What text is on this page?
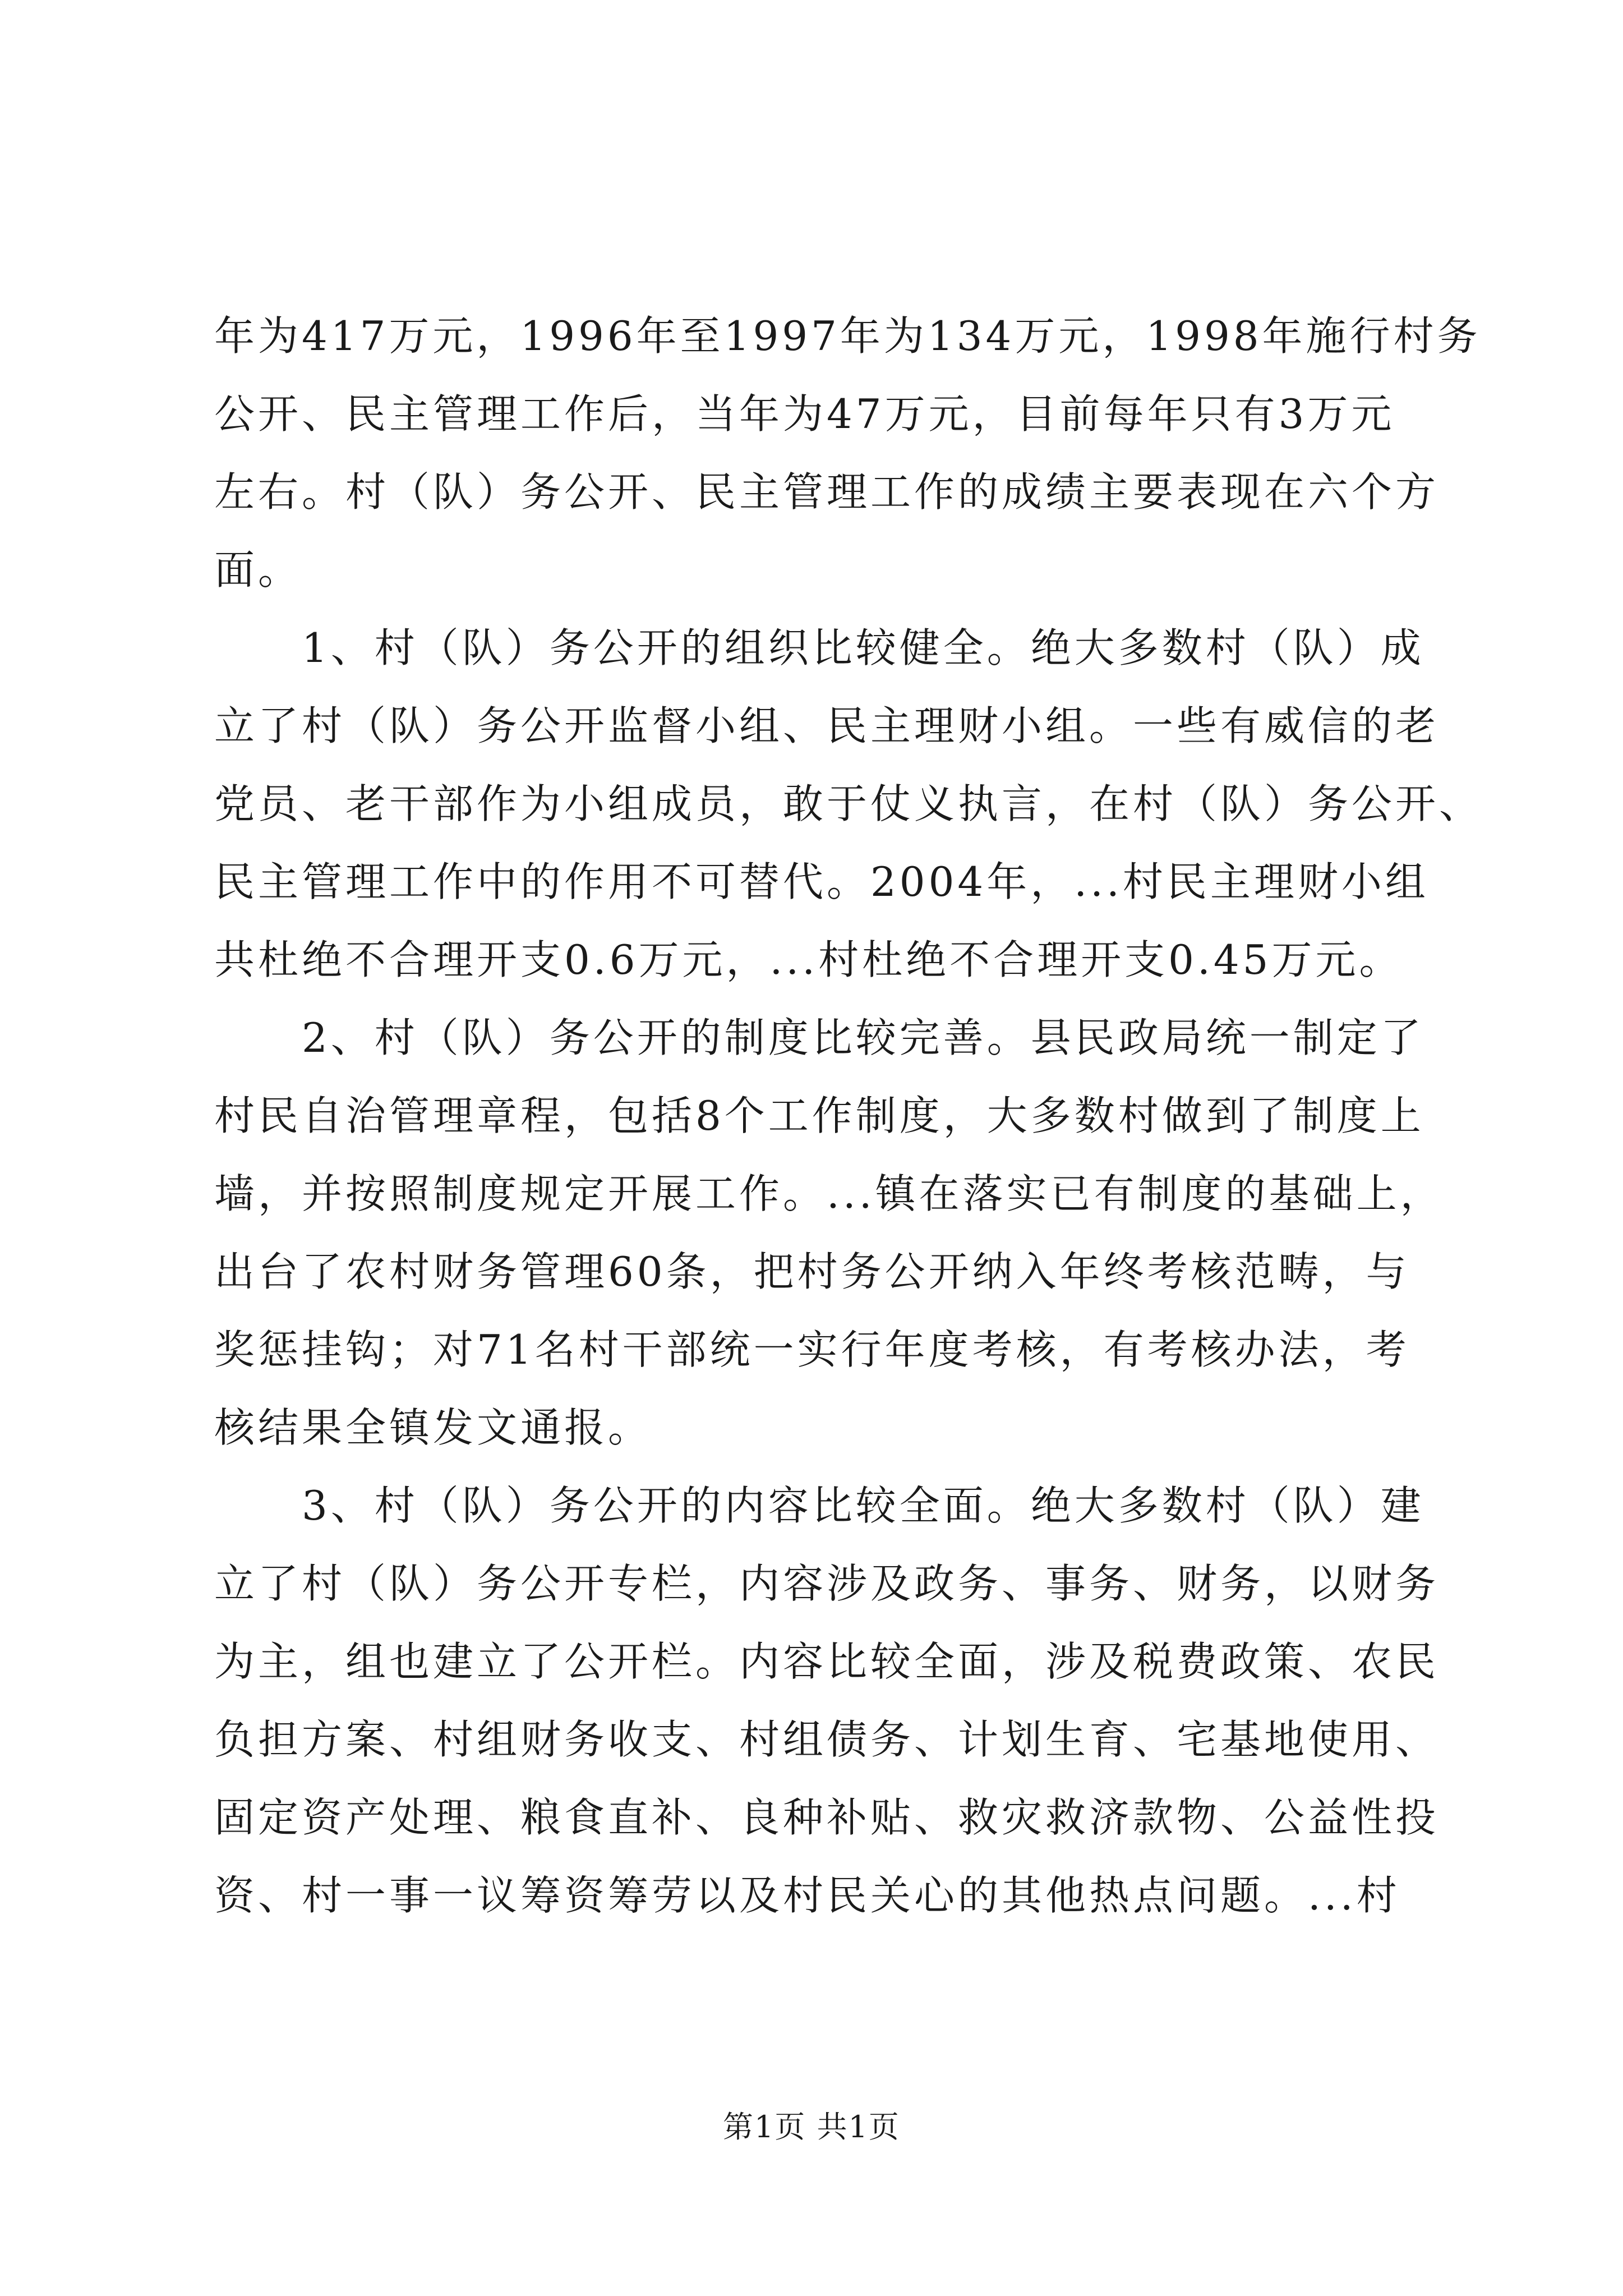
年为417万元，1996年至1997年为134万元，1998年施行村务
公开、民主管理工作后，当年为47万元，目前每年只有3万元
左右。村（队）务公开、民主管理工作的成绩主要表现在六个方
面。
　　1、村（队）务公开的组织比较健全。绝大多数村（队）成
立了村（队）务公开监督小组、民主理财小组。一些有威信的老
党员、老干部作为小组成员，敢于仗义执言，在村（队）务公开、
民主管理工作中的作用不可替代。2004年，...村民主理财小组
共杜绝不合理开支0.6万元，...村杜绝不合理开支0.45万元。
　　2、村（队）务公开的制度比较完善。县民政局统一制定了
村民自治管理章程，包括8个工作制度，大多数村做到了制度上
墙，并按照制度规定开展工作。...镇在落实已有制度的基础上，
出台了农村财务管理60条，把村务公开纳入年终考核范畴，与
奖惩挂钩；对71名村干部统一实行年度考核，有考核办法，考
核结果全镇发文通报。
　　3、村（队）务公开的内容比较全面。绝大多数村（队）建
立了村（队）务公开专栏，内容涉及政务、事务、财务，以财务
为主，组也建立了公开栏。内容比较全面，涉及税费政策、农民
负担方案、村组财务收支、村组债务、计划生育、宅基地使用、
固定资产处理、粮食直补、良种补贴、救灾救济款物、公益性投
资、村一事一议筹资筹劳以及村民关心的其他热点问题。...村
第1页 共1页
